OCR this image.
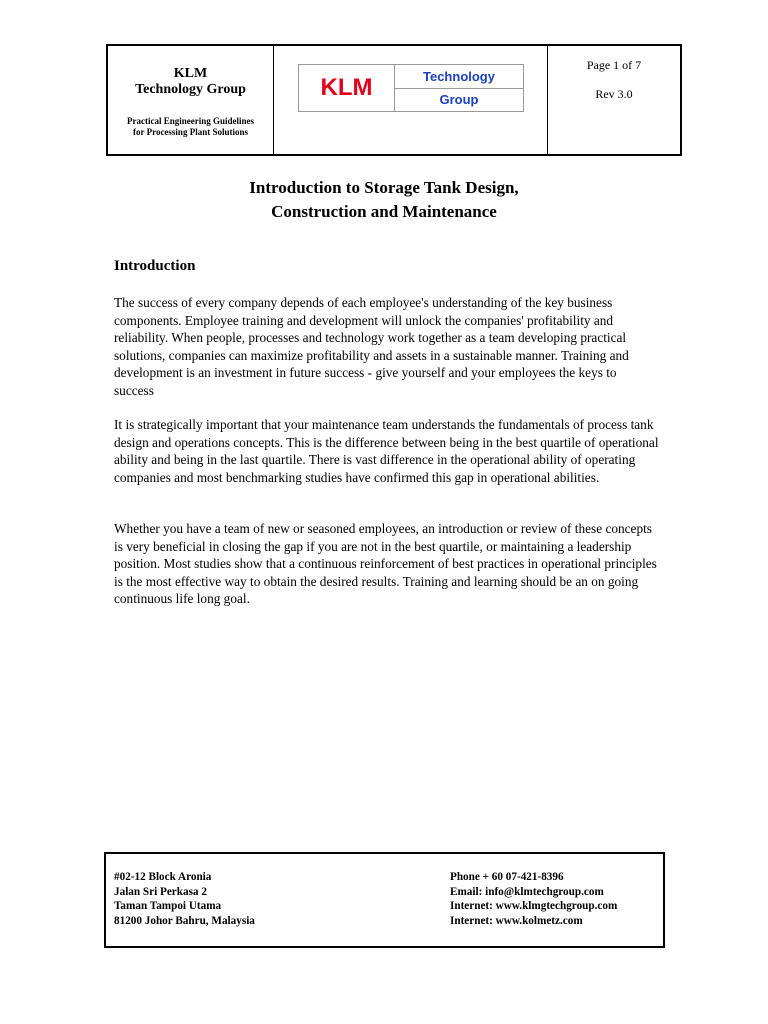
KLM
Technology Group
Practical Engineering Guidelines
for Processing Plant Solutions
KLM	Technology
Group
Page 1 of 7
Rev 3.0
Introduction to Storage Tank Design,
Construction and Maintenance
Introduction
The success of every company depends of each employee's understanding of the key business components. Employee training and development will unlock the companies' profitability and reliability. When people, processes and technology work together as a team developing practical solutions, companies can maximize profitability and assets in a sustainable manner. Training and development is an investment in future success - give yourself and your employees the keys to success
It is strategically important that your maintenance team understands the fundamentals of process tank design and operations concepts. This is the difference between being in the best quartile of operational ability and being in the last quartile. There is vast difference in the operational ability of operating companies and most benchmarking studies have confirmed this gap in operational abilities.
Whether you have a team of new or seasoned employees, an introduction or review of these concepts is very beneficial in closing the gap if you are not in the best quartile, or maintaining a leadership position. Most studies show that a continuous reinforcement of best practices in operational principles is the most effective way to obtain the desired results. Training and learning should be an on going continuous life long goal.
#02-12 Block Aronia
Jalan Sri Perkasa 2
Taman Tampoi Utama
81200 Johor Bahru, Malaysia
Phone + 60 07-421-8396
Email: info@klmtechgroup.com
Internet: www.klmgtechgroup.com
Internet: www.kolmetz.com
